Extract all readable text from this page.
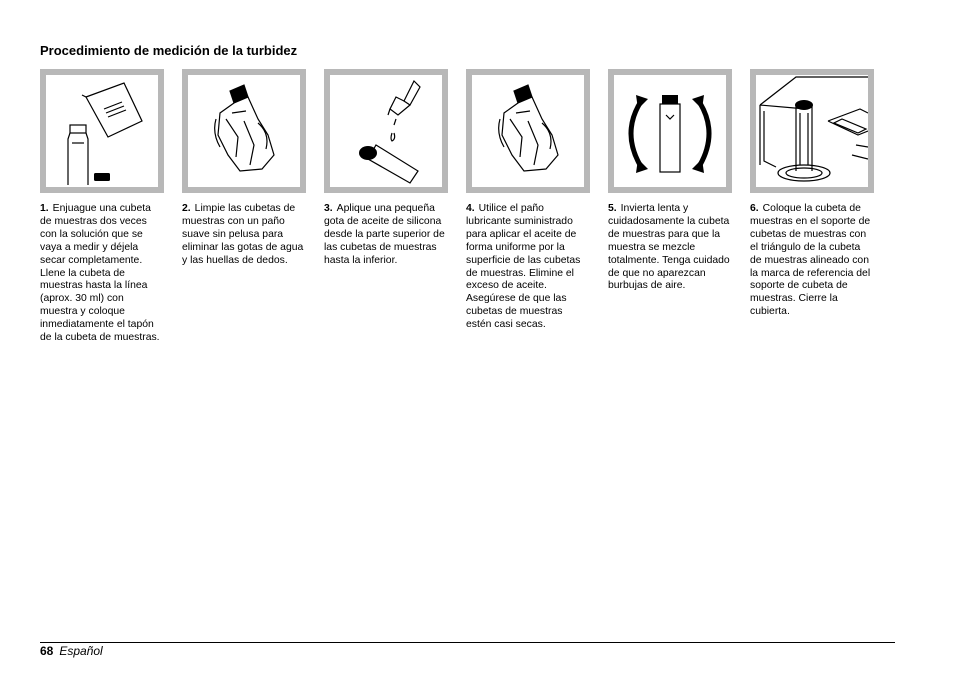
Procedimiento de medición de la turbidez
1. Enjuague una cubeta de muestras dos veces con la solución que se vaya a medir y déjela secar completamente. Llene la cubeta de muestras hasta la línea (aprox. 30 ml) con muestra y coloque inmediatamente el tapón de la cubeta de muestras.
2. Limpie las cubetas de muestras con un paño suave sin pelusa para eliminar las gotas de agua y las huellas de dedos.
3. Aplique una pequeña gota de aceite de silicona desde la parte superior de las cubetas de muestras hasta la inferior.
4. Utilice el paño lubricante suministrado para aplicar el aceite de forma uniforme por la superficie de las cubetas de muestras. Elimine el exceso de aceite. Asegúrese de que las cubetas de muestras estén casi secas.
5. Invierta lenta y cuidadosamente la cubeta de muestras para que la muestra se mezcle totalmente. Tenga cuidado de que no aparezcan burbujas de aire.
6. Coloque la cubeta de muestras en el soporte de cubetas de muestras con el triángulo de la cubeta de muestras alineado con la marca de referencia del soporte de cubeta de muestras. Cierre la cubierta.
68 Español
